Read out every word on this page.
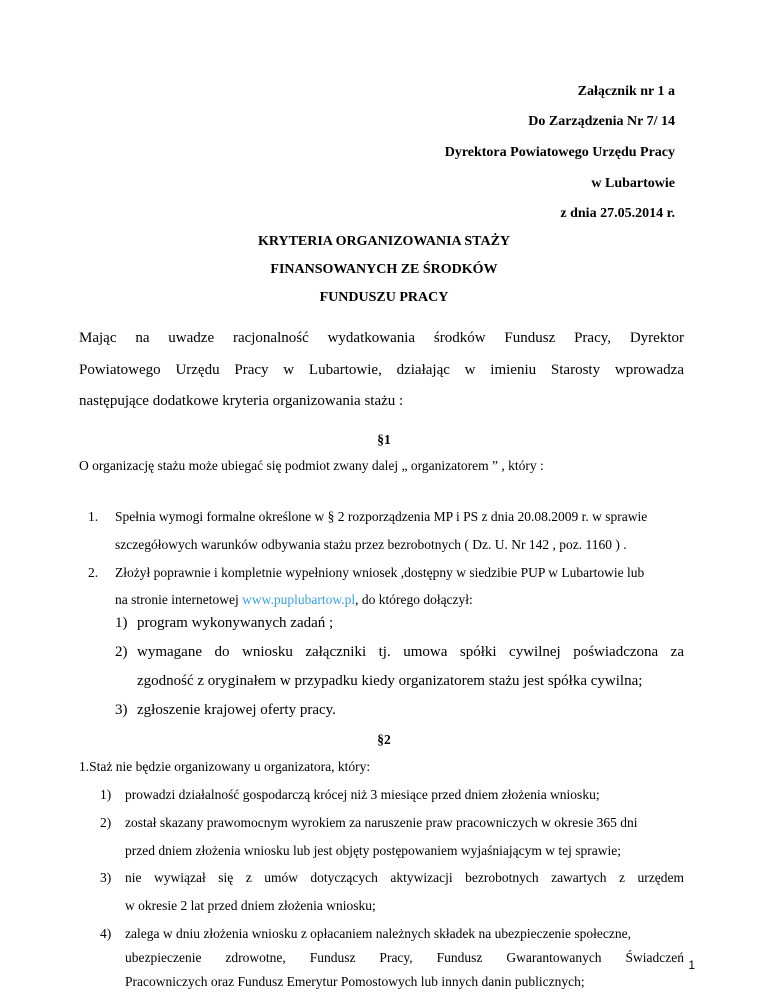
Załącznik nr 1 a
Do Zarządzenia Nr 7/ 14
Dyrektora Powiatowego Urzędu Pracy
w Lubartowie
z dnia 27.05.2014 r.
KRYTERIA ORGANIZOWANIA STAŻY
FINANSOWANYCH ZE ŚRODKÓW
FUNDUSZU PRACY
Mając na uwadze racjonalność wydatkowania środków Fundusz Pracy, Dyrektor
Powiatowego Urzędu Pracy w Lubartowie, działając w imieniu Starosty wprowadza
następujące dodatkowe kryteria organizowania stażu :
§1
O organizację stażu może ubiegać się podmiot zwany dalej „ organizatorem ” , który :
1. Spełnia wymogi formalne określone w § 2 rozporządzenia MP i PS z dnia 20.08.2009 r. w sprawie
szczegółowych warunków odbywania stażu przez bezrobotnych ( Dz. U. Nr 142 , poz. 1160 ) .
2. Złożył poprawnie i kompletnie wypełniony wniosek ,dostępny w siedzibie PUP w Lubartowie lub
na stronie internetowej www.puplubartow.pl, do którego dołączył:
1) program wykonywanych zadań ;
2) wymagane do wniosku załączniki tj. umowa spółki cywilnej poświadczona za
zgodność z oryginałem w przypadku kiedy organizatorem stażu jest spółka cywilna;
3) zgłoszenie krajowej oferty pracy.
§2
1.Staż nie będzie organizowany u organizatora, który:
1) prowadzi działalność gospodarczą krócej niż 3 miesiące przed dniem złożenia wniosku;
2) został skazany prawomocnym wyrokiem za naruszenie praw pracowniczych w okresie 365 dni
przed dniem złożenia wniosku lub jest objęty postępowaniem wyjaśniającym w tej sprawie;
3) nie wywiązał się z umów dotyczących aktywizacji bezrobotnych zawartych z urzędem
w okresie 2 lat przed dniem złożenia wniosku;
4) zalega w dniu złożenia wniosku z opłacaniem należnych składek na ubezpieczenie społeczne,
ubezpieczenie zdrowotne, Fundusz Pracy, Fundusz Gwarantowanych Świadczeń
Pracowniczych oraz Fundusz Emerytur Pomostowych lub innych danin publicznych;
1
